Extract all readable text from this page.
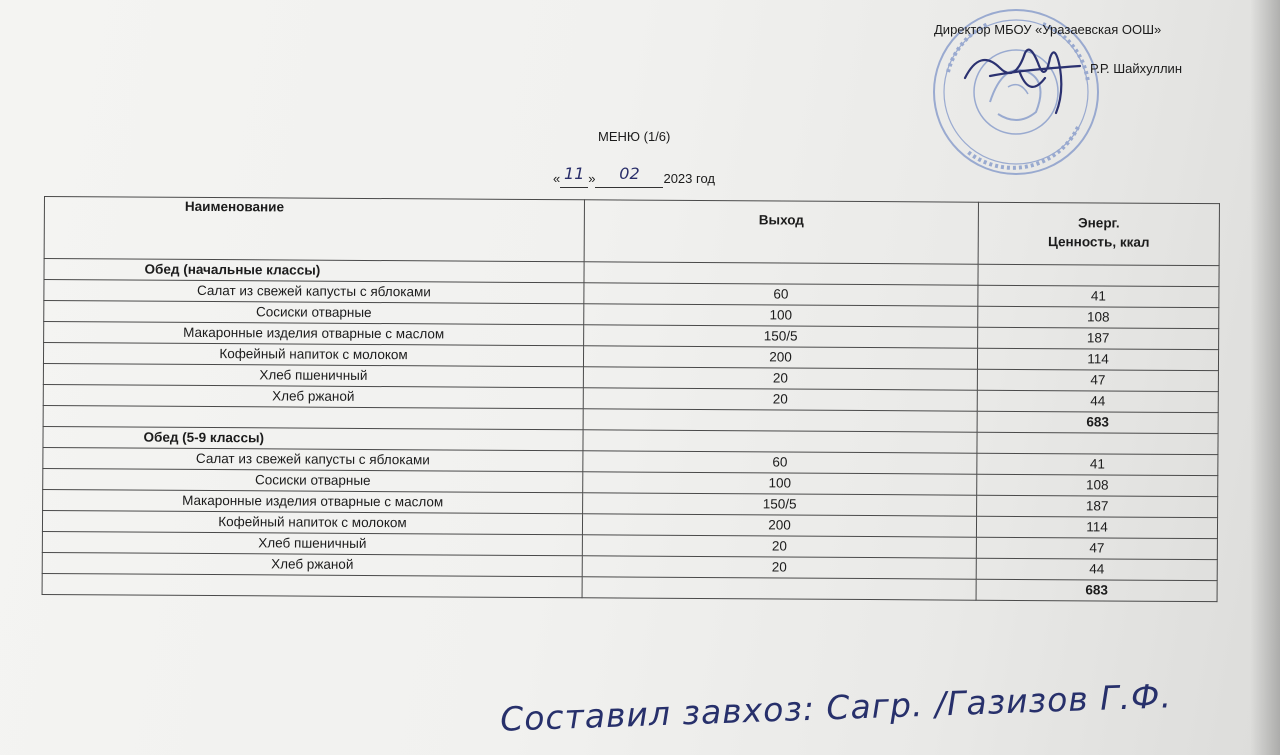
Директор МБОУ «Уразаевская ООШ»
Р.Р. Шайхуллин
МЕНЮ (1/6)
« 11 » 02 2023 год
Наименование	Выход	Энерг.
Ценность, ккал

Обед (начальные классы)		
Салат из свежей капусты с яблоками	60	41
Сосиски отварные	100	108
Макаронные изделия отварные с маслом	150/5	187
Кофейный напиток с молоком	200	114
Хлеб пшеничный	20	47
Хлеб ржаной	20	44
		683
Обед (5-9 классы)		
Салат из свежей капусты с яблоками	60	41
Сосиски отварные	100	108
Макаронные изделия отварные с маслом	150/5	187
Кофейный напиток с молоком	200	114
Хлеб пшеничный	20	47
Хлеб ржаной	20	44
		683
Составил завхоз: Сагр. /Газизов Г.Ф.
